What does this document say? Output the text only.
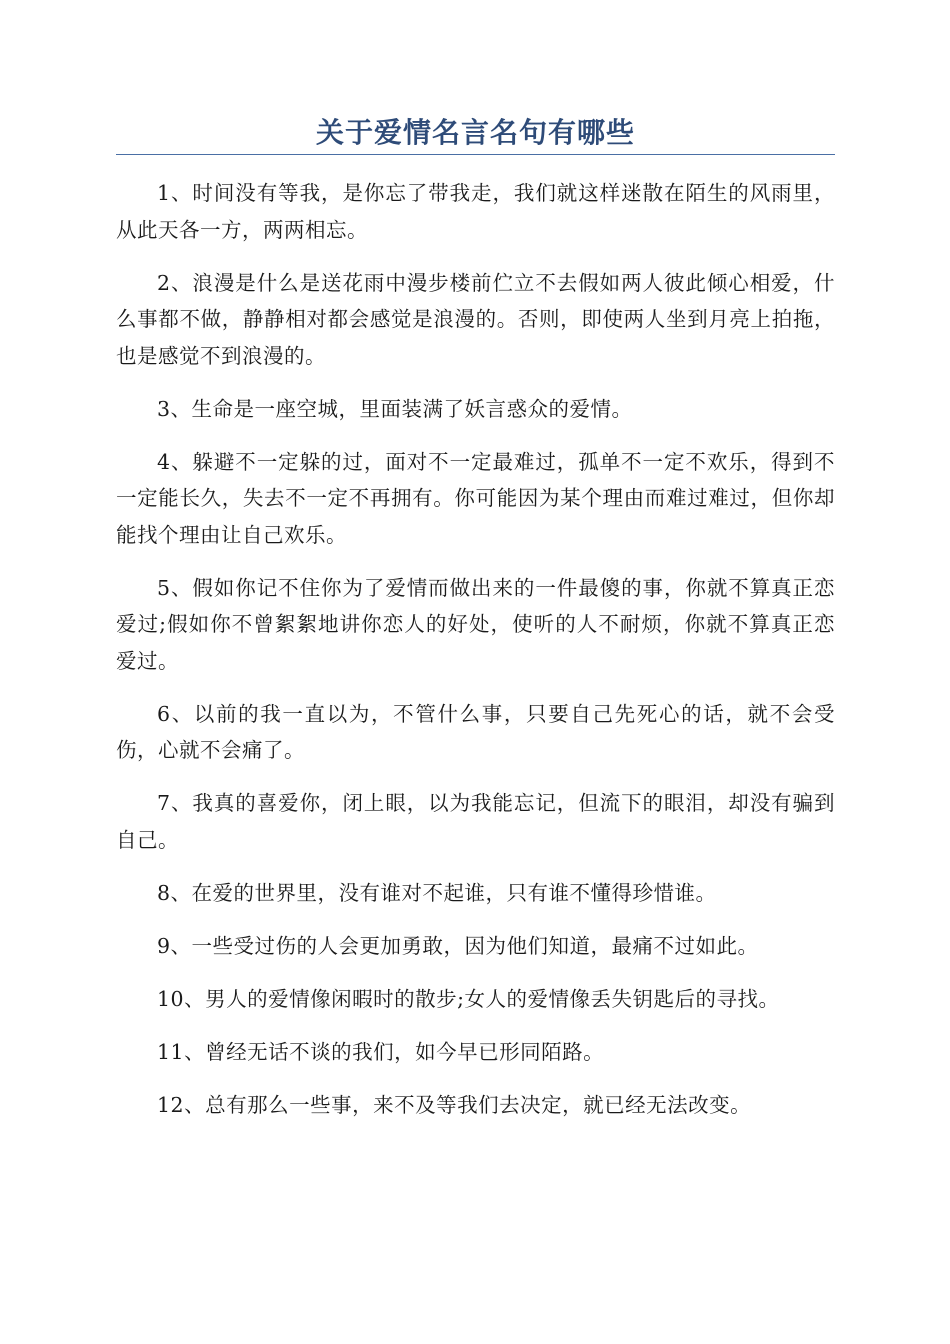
关于爱情名言名句有哪些

1、时间没有等我，是你忘了带我走，我们就这样迷散在陌生的风雨里，从此天各一方，两两相忘。

2、浪漫是什么是送花雨中漫步楼前伫立不去假如两人彼此倾心相爱，什么事都不做，静静相对都会感觉是浪漫的。否则，即使两人坐到月亮上拍拖，也是感觉不到浪漫的。

3、生命是一座空城，里面装满了妖言惑众的爱情。

4、躲避不一定躲的过，面对不一定最难过，孤单不一定不欢乐，得到不一定能长久，失去不一定不再拥有。你可能因为某个理由而难过难过，但你却能找个理由让自己欢乐。

5、假如你记不住你为了爱情而做出来的一件最傻的事，你就不算真正恋爱过;假如你不曾絮絮地讲你恋人的好处，使听的人不耐烦，你就不算真正恋爱过。

6、以前的我一直以为，不管什么事，只要自己先死心的话，就不会受伤，心就不会痛了。

7、我真的喜爱你，闭上眼，以为我能忘记，但流下的眼泪，却没有骗到自己。

8、在爱的世界里，没有谁对不起谁，只有谁不懂得珍惜谁。

9、一些受过伤的人会更加勇敢，因为他们知道，最痛不过如此。

10、男人的爱情像闲暇时的散步;女人的爱情像丢失钥匙后的寻找。

11、曾经无话不谈的我们，如今早已形同陌路。

12、总有那么一些事，来不及等我们去决定，就已经无法改变。
